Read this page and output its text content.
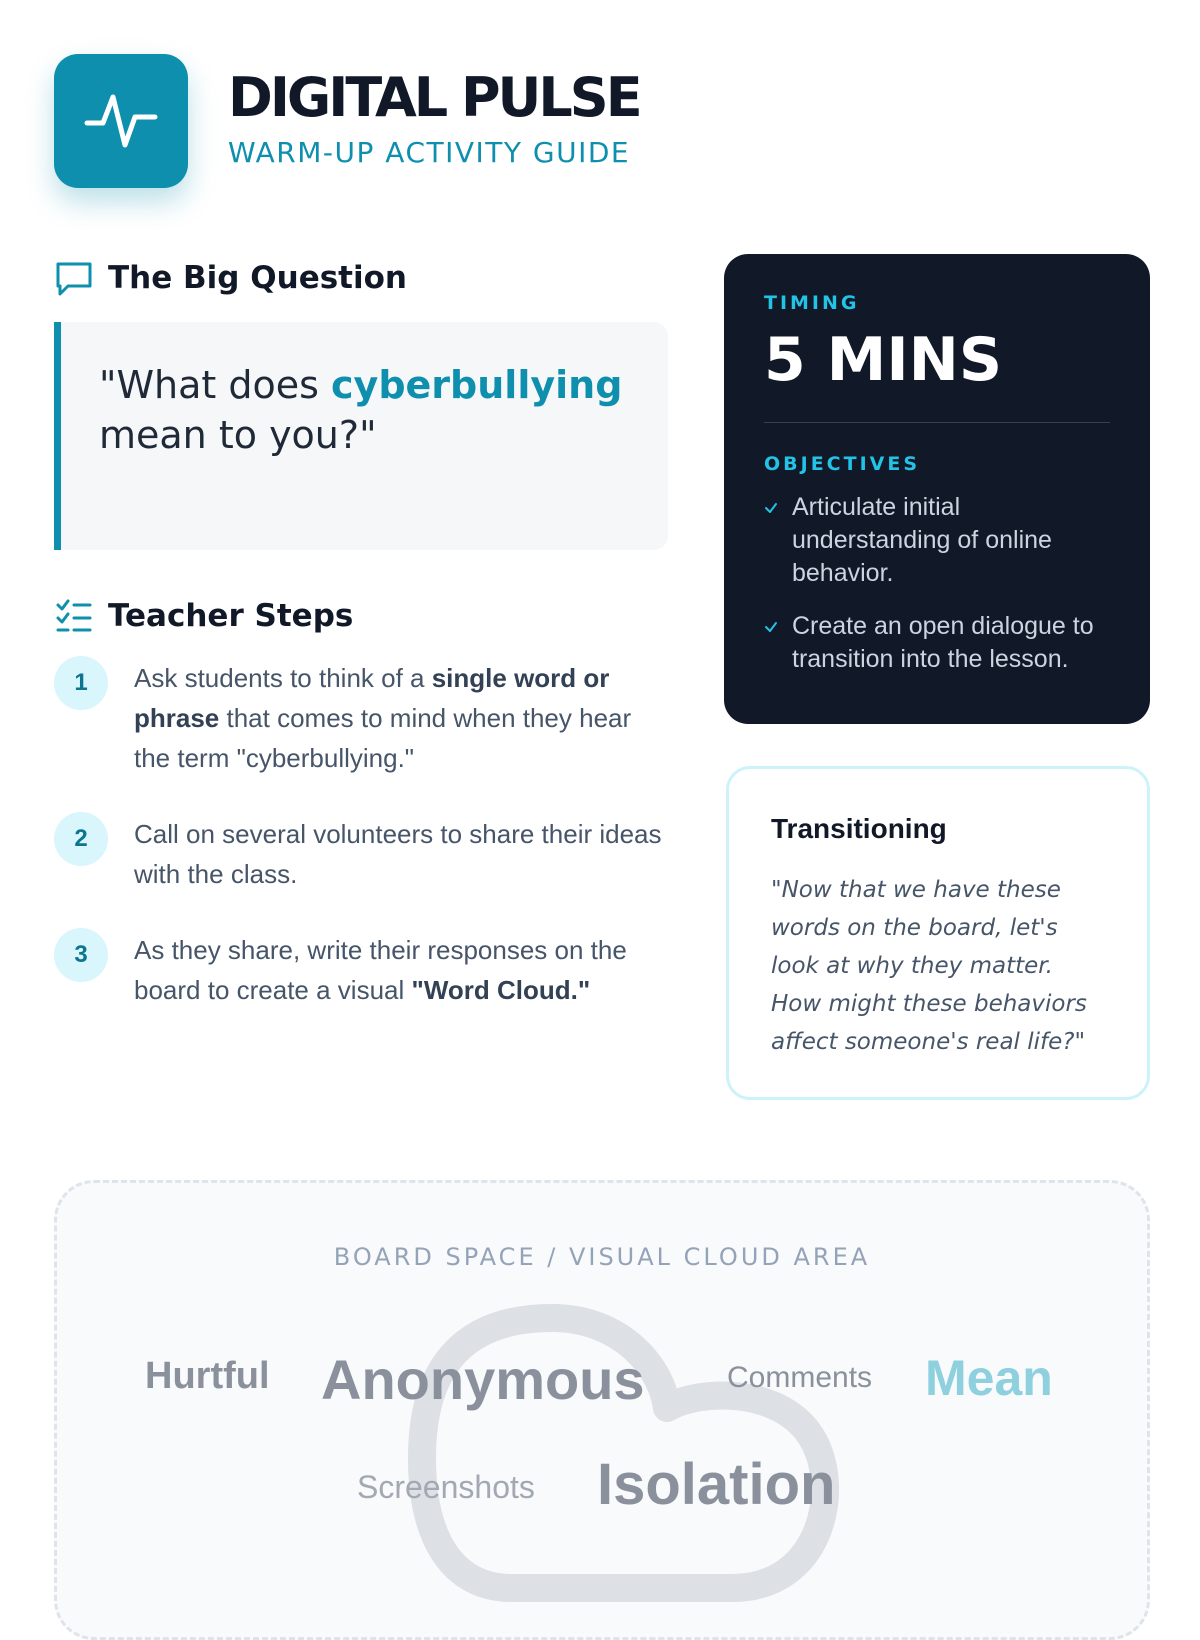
DIGITAL PULSE
WARM-UP ACTIVITY GUIDE
The Big Question
"What does cyberbullying mean to you?"
Teacher Steps
1	Ask students to think of a single word or phrase that comes to mind when they hear the term "cyberbullying."
2	Call on several volunteers to share their ideas with the class.
3	As they share, write their responses on the board to create a visual "Word Cloud."
TIMING
5 MINS
OBJECTIVES
Articulate initial understanding of online behavior.
Create an open dialogue to transition into the lesson.
Transitioning
"Now that we have these words on the board, let's look at why they matter. How might these behaviors affect someone's real life?"
BOARD SPACE / VISUAL CLOUD AREA
Hurtful Anonymous	Comments Mean
Screenshots Isolation
